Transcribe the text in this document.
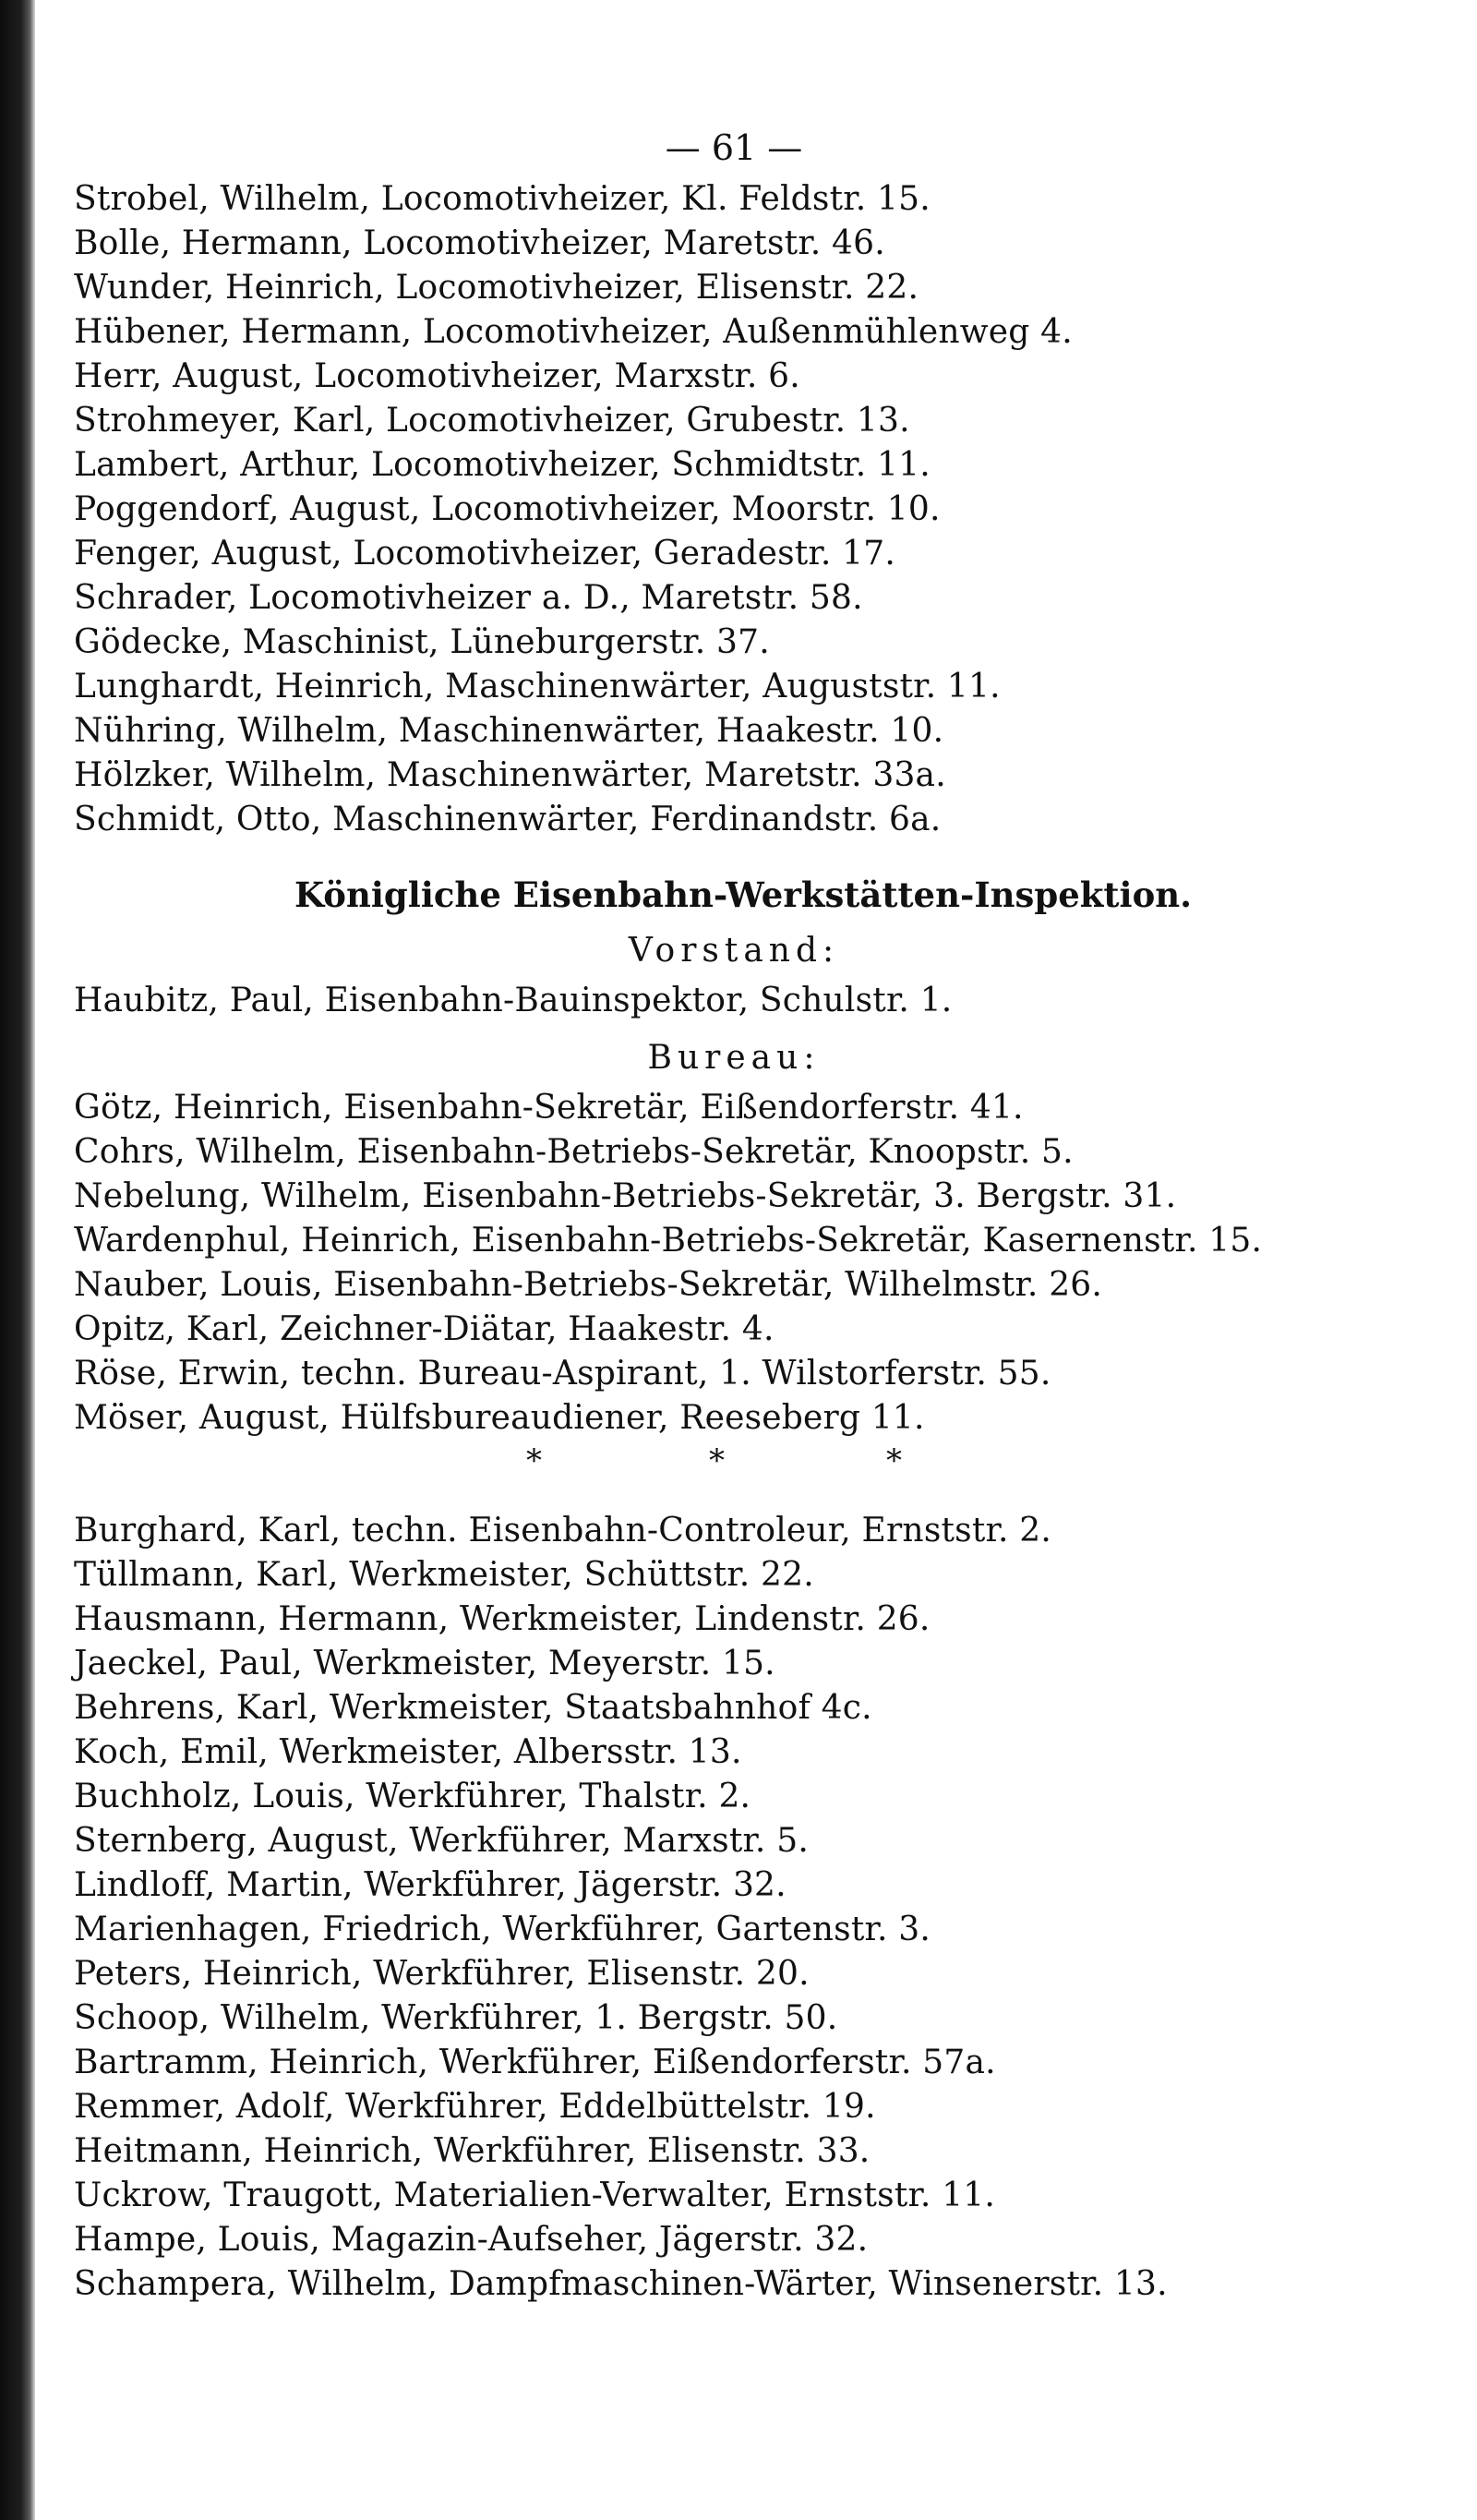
— 61 —
Strobel, Wilhelm, Locomotivheizer, Kl. Feldstr. 15.
Bolle, Hermann, Locomotivheizer, Maretstr. 46.
Wunder, Heinrich, Locomotivheizer, Elisenstr. 22.
Hübener, Hermann, Locomotivheizer, Außenmühlenweg 4.
Herr, August, Locomotivheizer, Marxstr. 6.
Strohmeyer, Karl, Locomotivheizer, Grubestr. 13.
Lambert, Arthur, Locomotivheizer, Schmidtstr. 11.
Poggendorf, August, Locomotivheizer, Moorstr. 10.
Fenger, August, Locomotivheizer, Geradestr. 17.
Schrader, Locomotivheizer a. D., Maretstr. 58.
Gödecke, Maschinist, Lüneburgerstr. 37.
Lunghardt, Heinrich, Maschinenwärter, Auguststr. 11.
Nühring, Wilhelm, Maschinenwärter, Haakestr. 10.
Hölzker, Wilhelm, Maschinenwärter, Maretstr. 33a.
Schmidt, Otto, Maschinenwärter, Ferdinandstr. 6a.
Königliche Eisenbahn-Werkstätten-Inspektion.
Vorstand:
Haubitz, Paul, Eisenbahn-Bauinspektor, Schulstr. 1.
Bureau:
Götz, Heinrich, Eisenbahn-Sekretär, Eißendorferstr. 41.
Cohrs, Wilhelm, Eisenbahn-Betriebs-Sekretär, Knoopstr. 5.
Nebelung, Wilhelm, Eisenbahn-Betriebs-Sekretär, 3. Bergstr. 31.
Wardenphul, Heinrich, Eisenbahn-Betriebs-Sekretär, Kasernenstr. 15.
Nauber, Louis, Eisenbahn-Betriebs-Sekretär, Wilhelmstr. 26.
Opitz, Karl, Zeichner-Diätar, Haakestr. 4.
Röse, Erwin, techn. Bureau-Aspirant, 1. Wilstorferstr. 55.
Möser, August, Hülfsbureaudiener, Reeseberg 11.
*	*	*
Burghard, Karl, techn. Eisenbahn-Controleur, Ernststr. 2.
Tüllmann, Karl, Werkmeister, Schüttstr. 22.
Hausmann, Hermann, Werkmeister, Lindenstr. 26.
Jaeckel, Paul, Werkmeister, Meyerstr. 15.
Behrens, Karl, Werkmeister, Staatsbahnhof 4c.
Koch, Emil, Werkmeister, Albersstr. 13.
Buchholz, Louis, Werkführer, Thalstr. 2.
Sternberg, August, Werkführer, Marxstr. 5.
Lindloff, Martin, Werkführer, Jägerstr. 32.
Marienhagen, Friedrich, Werkführer, Gartenstr. 3.
Peters, Heinrich, Werkführer, Elisenstr. 20.
Schoop, Wilhelm, Werkführer, 1. Bergstr. 50.
Bartramm, Heinrich, Werkführer, Eißendorferstr. 57a.
Remmer, Adolf, Werkführer, Eddelbüttelstr. 19.
Heitmann, Heinrich, Werkführer, Elisenstr. 33.
Uckrow, Traugott, Materialien-Verwalter, Ernststr. 11.
Hampe, Louis, Magazin-Aufseher, Jägerstr. 32.
Schampera, Wilhelm, Dampfmaschinen-Wärter, Winsenerstr. 13.
